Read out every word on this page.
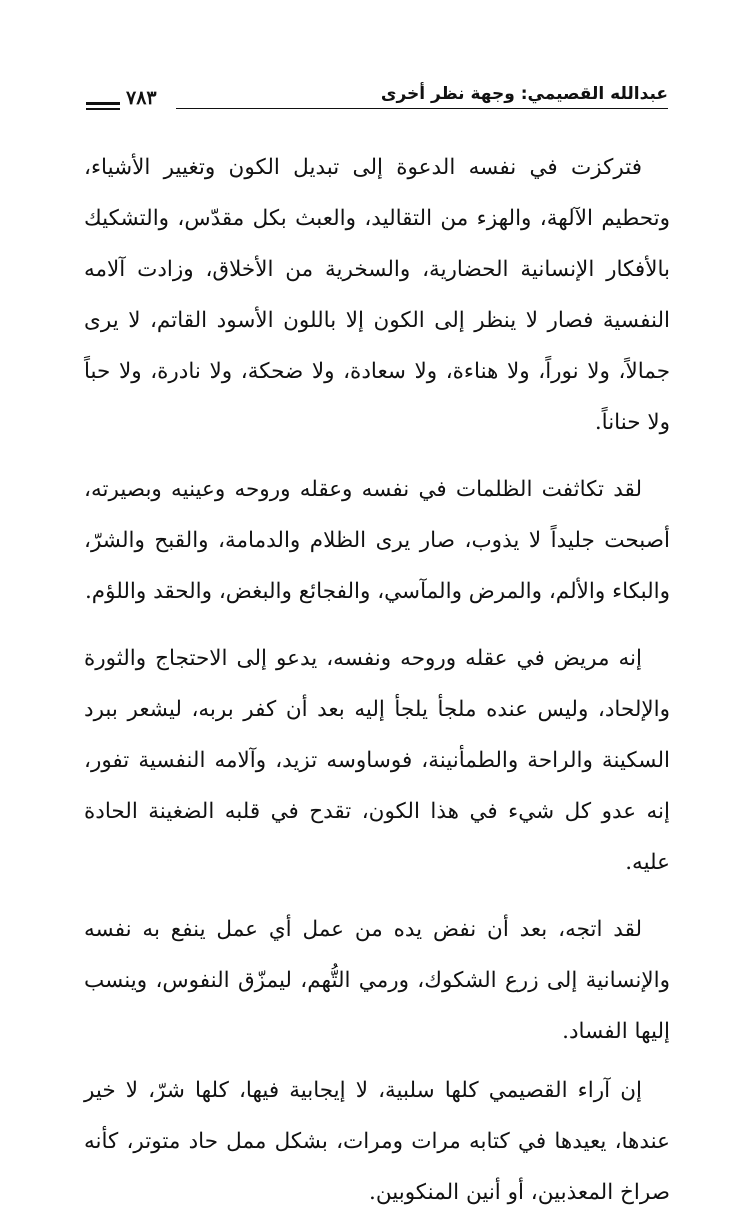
عبدالله القصيمي: وجهة نظر أخرى
٧٨٣

فتركزت في نفسه الدعوة إلى تبديل الكون وتغيير الأشياء، وتحطيم الآلهة، والهزء من التقاليد، والعبث بكل مقدّس، والتشكيك بالأفكار الإنسانية الحضارية، والسخرية من الأخلاق، وزادت آلامه النفسية فصار لا ينظر إلى الكون إلا باللون الأسود القاتم، لا يرى جمالاً، ولا نوراً، ولا هناءة، ولا سعادة، ولا ضحكة، ولا نادرة، ولا حباً ولا حناناً.

لقد تكاثفت الظلمات في نفسه وعقله وروحه وعينيه وبصيرته، أصبحت جليداً لا يذوب، صار يرى الظلام والدمامة، والقبح والشرّ، والبكاء والألم، والمرض والمآسي، والفجائع والبغض، والحقد واللؤم.

إنه مريض في عقله وروحه ونفسه، يدعو إلى الاحتجاج والثورة والإلحاد، وليس عنده ملجأ يلجأ إليه بعد أن كفر بربه، ليشعر ببرد السكينة والراحة والطمأنينة، فوساوسه تزيد، وآلامه النفسية تفور، إنه عدو كل شيء في هذا الكون، تقدح في قلبه الضغينة الحادة عليه.

لقد اتجه، بعد أن نفض يده من عمل أي عمل ينفع به نفسه والإنسانية إلى زرع الشكوك، ورمي التُّهم، ليمزّق النفوس، وينسب إليها الفساد.

إن آراء القصيمي كلها سلبية، لا إيجابية فيها، كلها شرّ، لا خير عندها، يعيدها في كتابه مرات ومرات، بشكل ممل حاد متوتر، كأنه صراخ المعذبين، أو أنين المنكوبين.
